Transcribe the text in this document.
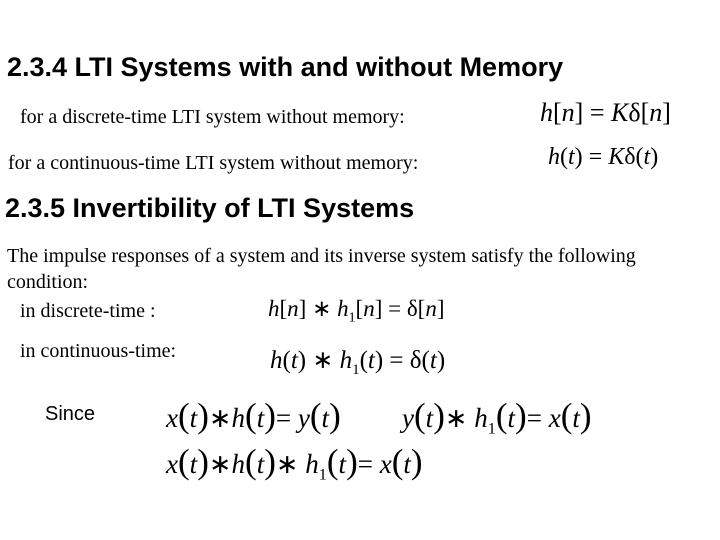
2.3.4 LTI Systems with and without Memory
for a discrete-time LTI system without memory:	h[n] = Kδ[n]
for a continuous-time LTI system without memory:	h(t) = Kδ(t)
2.3.5 Invertibility of LTI Systems
The impulse responses of a system and its inverse system satisfy the following condition:
in discrete-time :	h[n] ∗ $h_1[n] = \delta[n]$
in continuous-time:	h(t) ∗ $h_1(t) = \delta(t)$
Since	x(t)∗h(t)= y(t) y(t)∗ $h_1(t)= x(t)$
x(t)∗h(t)∗ $h_1(t)= x(t)$
